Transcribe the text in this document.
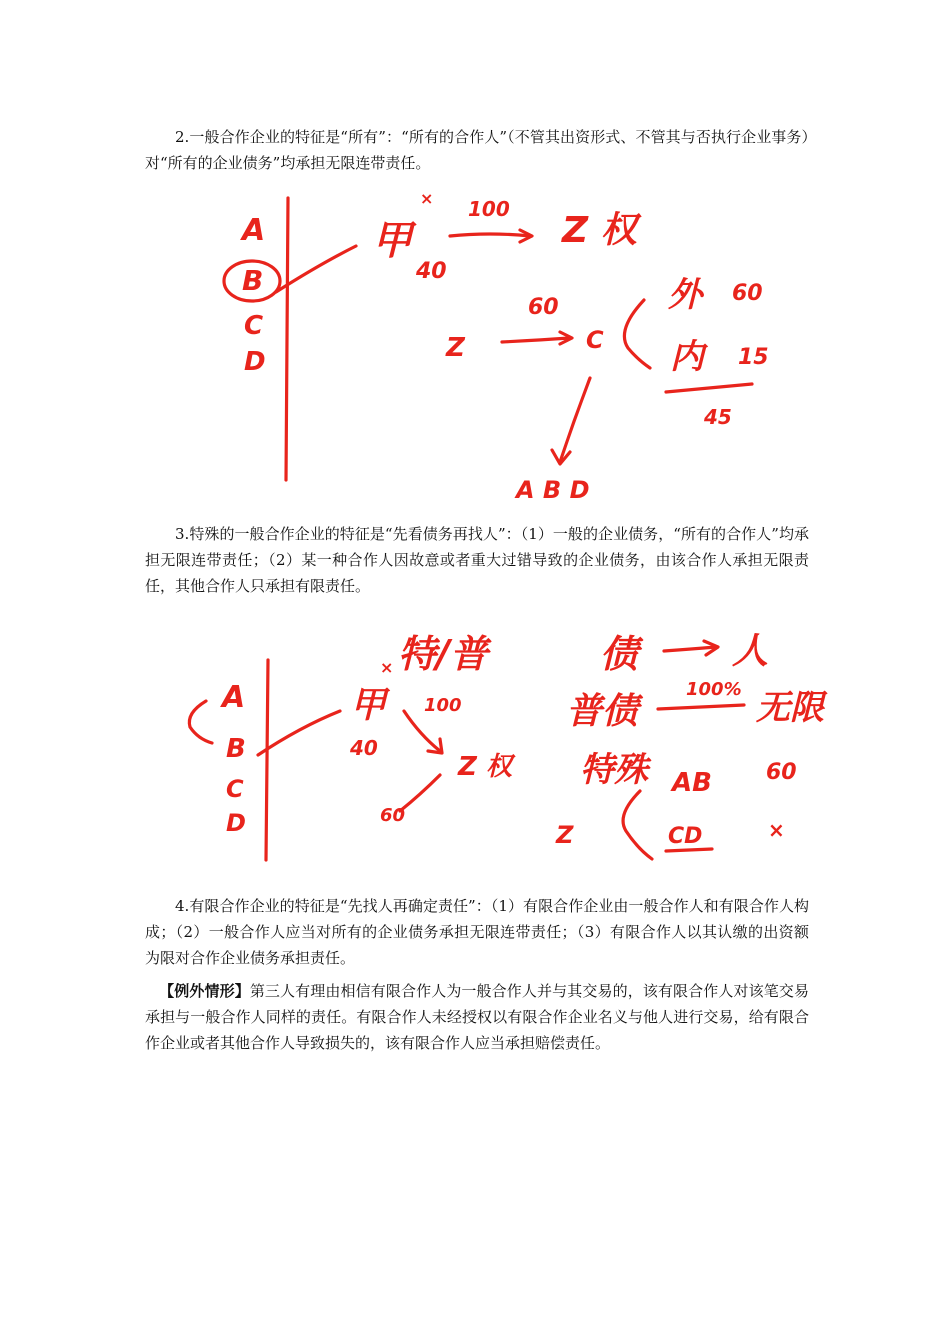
2.一般合作企业的特征是“所有”：“所有的合作人”（不管其出资形式、不管其与否执行企业事务）对“所有的企业债务”均承担无限连带责任。

A
B
C
D
×
甲
40
100
Z 权
Z
60
C
外 60
内 15
45
A B D

3.特殊的一般合作企业的特征是“先看债务再找人”：（1）一般的企业债务，“所有的合作人”均承担无限连带责任；（2）某一种合作人因故意或者重大过错导致的企业债务，由该合作人承担无限责任，其他合作人只承担有限责任。

A
B
C
D
×
甲
40
特/普
100
Z 权
60
债	人
普债
100% 无限
特殊
Z
AB 60
CD	×

4.有限合作企业的特征是“先找人再确定责任”：（1）有限合作企业由一般合作人和有限合作人构成；（2）一般合作人应当对所有的企业债务承担无限连带责任；（3）有限合作人以其认缴的出资额为限对合作企业债务承担责任。

【例外情形】第三人有理由相信有限合作人为一般合作人并与其交易的，该有限合作人对该笔交易承担与一般合作人同样的责任。有限合作人未经授权以有限合作企业名义与他人进行交易，给有限合作企业或者其他合作人导致损失的，该有限合作人应当承担赔偿责任。
